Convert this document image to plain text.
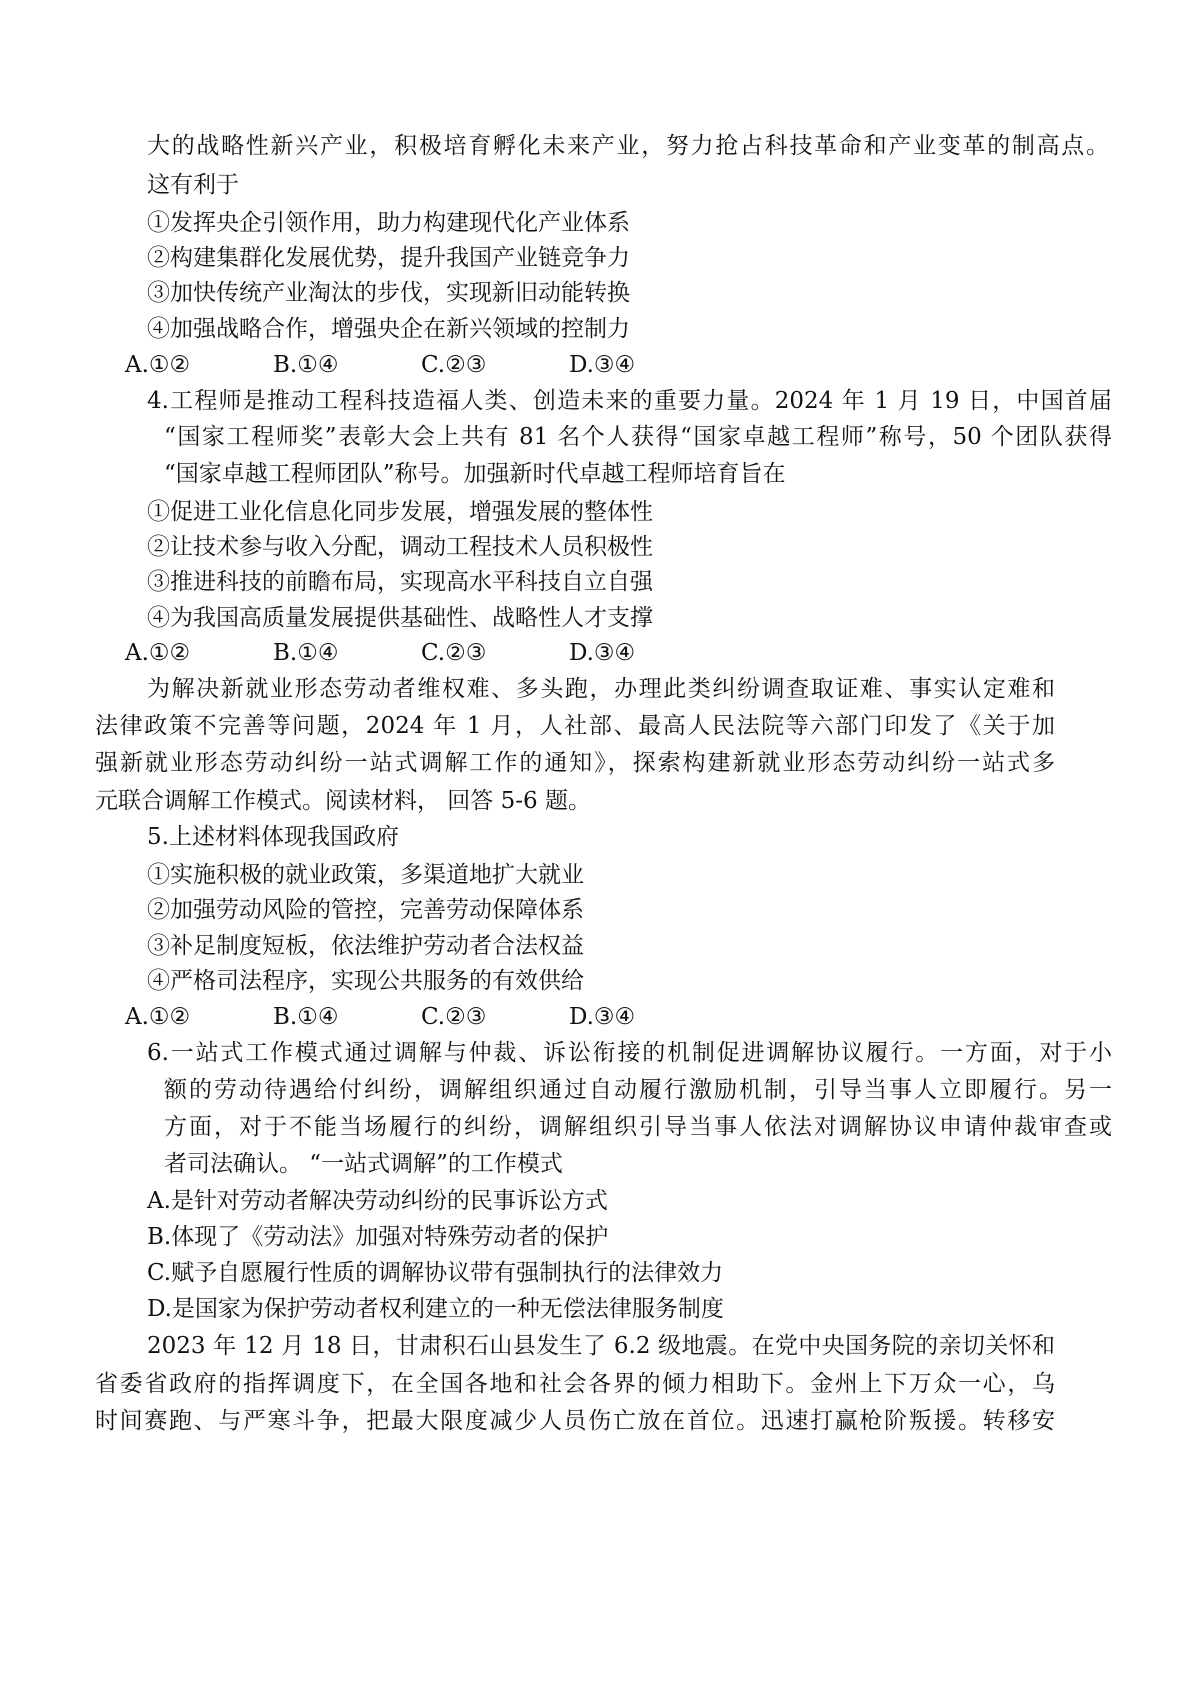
大的战略性新兴产业，积极培育孵化未来产业，努力抢占科技革命和产业变革的制高点。
这有利于
①发挥央企引领作用，助力构建现代化产业体系
②构建集群化发展优势，提升我国产业链竞争力
③加快传统产业淘汰的步伐，实现新旧动能转换
④加强战略合作，增强央企在新兴领域的控制力
A.①②	B.①④	C.②③	D.③④
4.工程师是推动工程科技造福人类、创造未来的重要力量。2024 年 1 月 19 日，中国首届
“国家工程师奖”表彰大会上共有 81 名个人获得“国家卓越工程师”称号，50 个团队获得
“国家卓越工程师团队”称号。加强新时代卓越工程师培育旨在
①促进工业化信息化同步发展，增强发展的整体性
②让技术参与收入分配，调动工程技术人员积极性
③推进科技的前瞻布局，实现高水平科技自立自强
④为我国高质量发展提供基础性、战略性人才支撑
A.①②	B.①④	C.②③	D.③④
为解决新就业形态劳动者维权难、多头跑，办理此类纠纷调查取证难、事实认定难和
法律政策不完善等问题，2024 年 1 月，人社部、最高人民法院等六部门印发了《关于加
强新就业形态劳动纠纷一站式调解工作的通知》，探索构建新就业形态劳动纠纷一站式多
元联合调解工作模式。阅读材料， 回答 5-6 题。
5.上述材料体现我国政府
①实施积极的就业政策，多渠道地扩大就业
②加强劳动风险的管控，完善劳动保障体系
③补足制度短板，依法维护劳动者合法权益
④严格司法程序，实现公共服务的有效供给
A.①②	B.①④	C.②③	D.③④
6.一站式工作模式通过调解与仲裁、诉讼衔接的机制促进调解协议履行。一方面，对于小
额的劳动待遇给付纠纷，调解组织通过自动履行激励机制，引导当事人立即履行。另一
方面，对于不能当场履行的纠纷，调解组织引导当事人依法对调解协议申请仲裁审查或
者司法确认。 “一站式调解”的工作模式
A.是针对劳动者解决劳动纠纷的民事诉讼方式
B.体现了《劳动法》加强对特殊劳动者的保护
C.赋予自愿履行性质的调解协议带有强制执行的法律效力
D.是国家为保护劳动者权利建立的一种无偿法律服务制度
2023 年 12 月 18 日，甘肃积石山县发生了 6.2 级地震。在党中央国务院的亲切关怀和
省委省政府的指挥调度下，在全国各地和社会各界的倾力相助下。金州上下万众一心，乌
时间赛跑、与严寒斗争，把最大限度减少人员伤亡放在首位。迅速打赢枪阶叛援。转移安
